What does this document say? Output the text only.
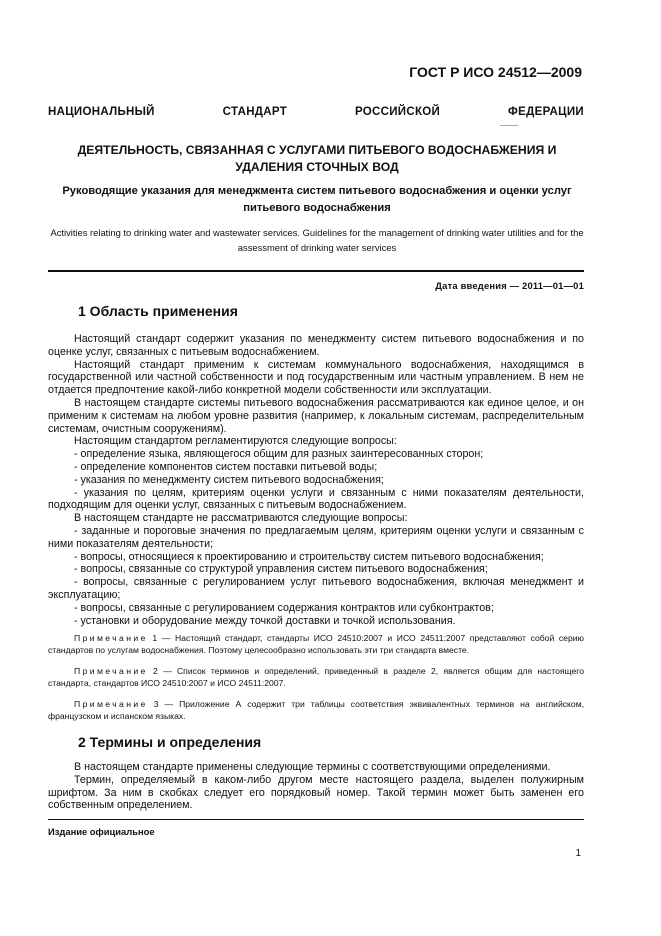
ГОСТ Р ИСО 24512—2009
НАЦИОНАЛЬНЫЙ СТАНДАРТ РОССИЙСКОЙ ФЕДЕРАЦИИ
ДЕЯТЕЛЬНОСТЬ, СВЯЗАННАЯ С УСЛУГАМИ ПИТЬЕВОГО ВОДОСНАБЖЕНИЯ И УДАЛЕНИЯ СТОЧНЫХ ВОД
Руководящие указания для менеджмента систем питьевого водоснабжения и оценки услуг питьевого водоснабжения
Activities relating to drinking water and wastewater services. Guidelines for the management of drinking water utilities and for the assessment of drinking water services
Дата введения — 2011—01—01
1 Область применения

Настоящий стандарт содержит указания по менеджменту систем питьевого водоснабжения и по оценке услуг, связанных с питьевым водоснабжением.

Настоящий стандарт применим к системам коммунального водоснабжения, находящимся в государственной или частной собственности и под государственным или частным управлением. В нем не отдается предпочтение какой-либо конкретной модели собственности или эксплуатации.

В настоящем стандарте системы питьевого водоснабжения рассматриваются как единое целое, и он применим к системам на любом уровне развития (например, к локальным системам, распределительным системам, очистным сооружениям).

Настоящим стандартом регламентируются следующие вопросы:

- определение языка, являющегося общим для разных заинтересованных сторон;

- определение компонентов систем поставки питьевой воды;

- указания по менеджменту систем питьевого водоснабжения;

- указания по целям, критериям оценки услуги и связанным с ними показателям деятельности, подходящим для оценки услуг, связанных с питьевым водоснабжением.

В настоящем стандарте не рассматриваются следующие вопросы:

- заданные и пороговые значения по предлагаемым целям, критериям оценки услуги и связанным с ними показателям деятельности;

- вопросы, относящиеся к проектированию и строительству систем питьевого водоснабжения;

- вопросы, связанные со структурой управления систем питьевого водоснабжения;

- вопросы, связанные с регулированием услуг питьевого водоснабжения, включая менеджмент и эксплуатацию;

- вопросы, связанные с регулированием содержания контрактов или субконтрактов;

- установки и оборудование между точкой доставки и точкой использования.

Примечание 1 — Настоящий стандарт, стандарты ИСО 24510:2007 и ИСО 24511:2007 представляют собой серию стандартов по услугам водоснабжения. Поэтому целесообразно использовать эти три стандарта вместе.

Примечание 2 — Список терминов и определений, приведенный в разделе 2, является общим для настоящего стандарта, стандартов ИСО 24510:2007 и ИСО 24511:2007.

Примечание 3 — Приложение А содержит три таблицы соответствия эквивалентных терминов на английском, французском и испанском языках.

2 Термины и определения

В настоящем стандарте применены следующие термины с соответствующими определениями.

Термин, определяемый в каком-либо другом месте настоящего раздела, выделен полужирным шрифтом. За ним в скобках следует его порядковый номер. Такой термин может быть заменен его собственным определением.

Издание официальное
1
